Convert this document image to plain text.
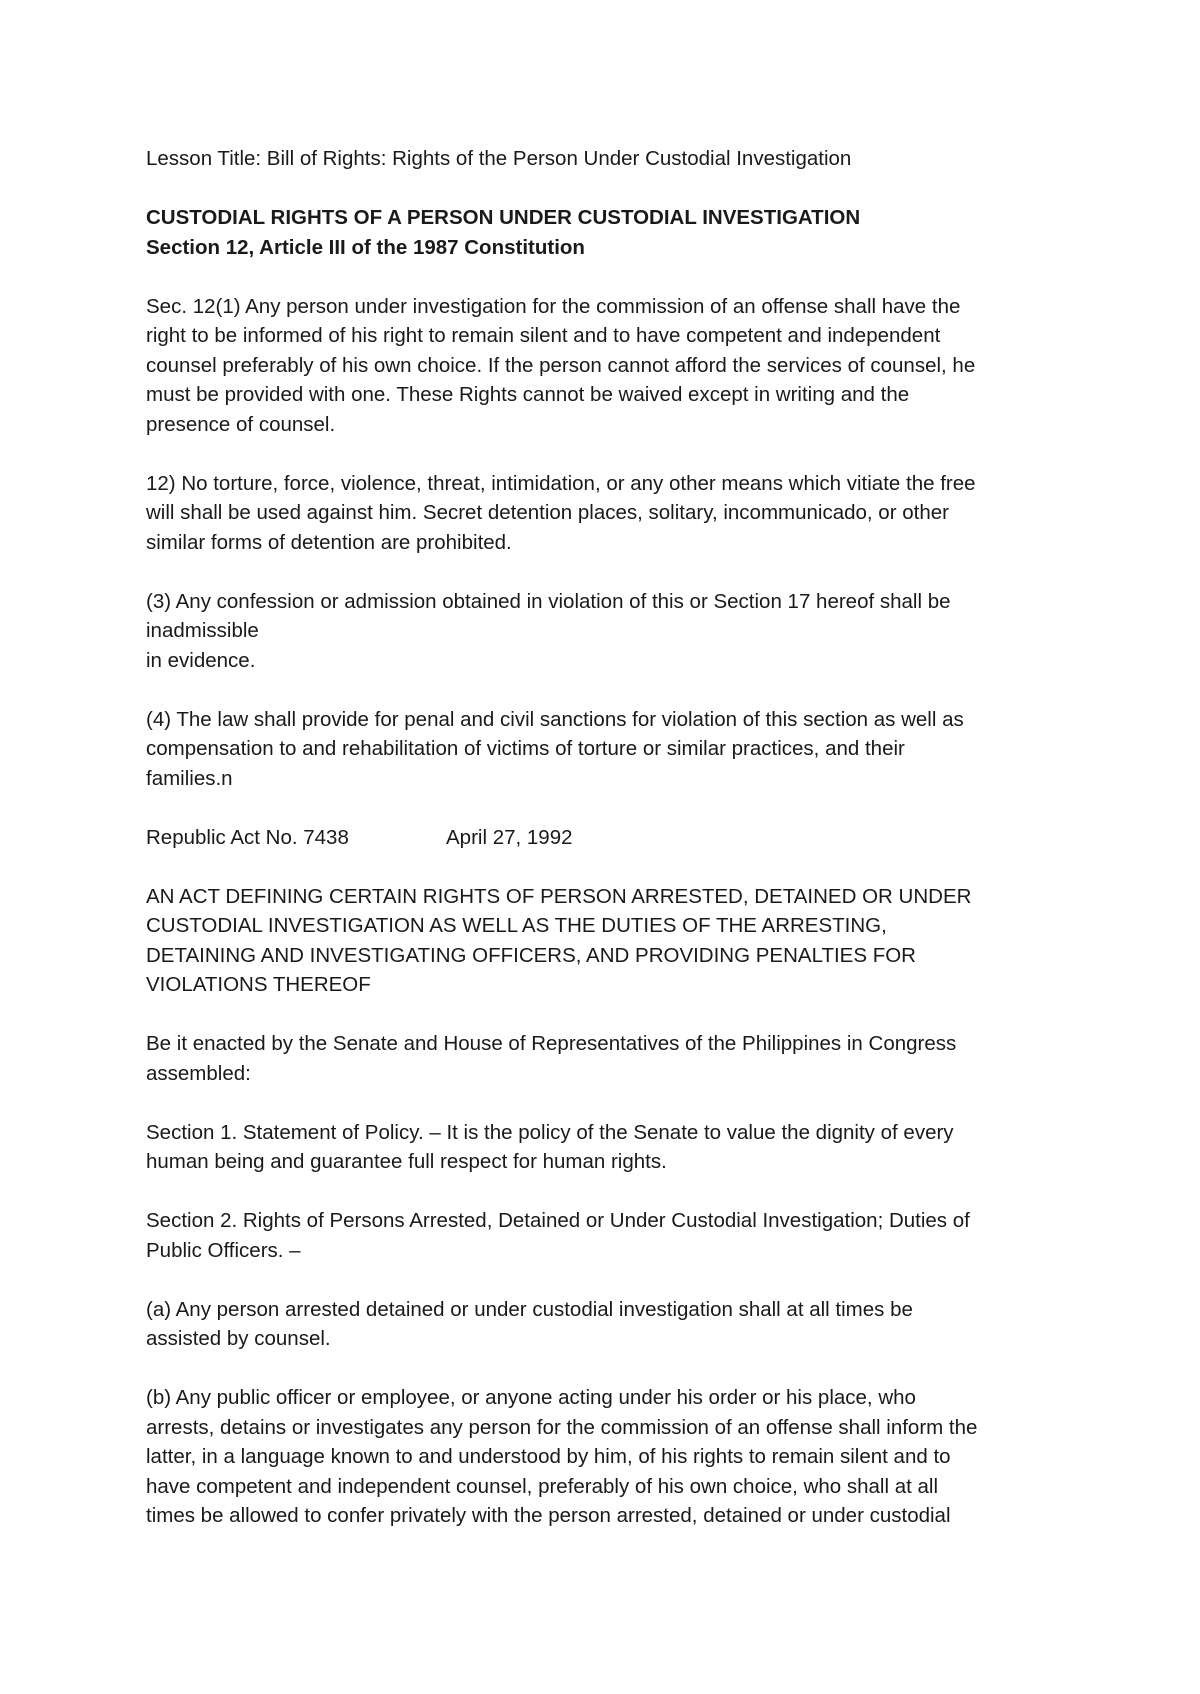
Lesson Title: Bill of Rights: Rights of the Person Under Custodial Investigation

CUSTODIAL RIGHTS OF A PERSON UNDER CUSTODIAL INVESTIGATION
Section 12, Article III of the 1987 Constitution

Sec. 12(1) Any person under investigation for the commission of an offense shall have the
right to be informed of his right to remain silent and to have competent and independent
counsel preferably of his own choice. If the person cannot afford the services of counsel, he
must be provided with one. These Rights cannot be waived except in writing and the
presence of counsel.

12) No torture, force, violence, threat, intimidation, or any other means which vitiate the free
will shall be used against him. Secret detention places, solitary, incommunicado, or other
similar forms of detention are prohibited.

(3) Any confession or admission obtained in violation of this or Section 17 hereof shall be
inadmissible
in evidence.

(4) The law shall provide for penal and civil sanctions for violation of this section as well as
compensation to and rehabilitation of victims of torture or similar practices, and their
families.n

Republic Act No. 7438	April 27, 1992

AN ACT DEFINING CERTAIN RIGHTS OF PERSON ARRESTED, DETAINED OR UNDER
CUSTODIAL INVESTIGATION AS WELL AS THE DUTIES OF THE ARRESTING,
DETAINING AND INVESTIGATING OFFICERS, AND PROVIDING PENALTIES FOR
VIOLATIONS THEREOF

Be it enacted by the Senate and House of Representatives of the Philippines in Congress
assembled:

Section 1. Statement of Policy. – It is the policy of the Senate to value the dignity of every
human being and guarantee full respect for human rights.

Section 2. Rights of Persons Arrested, Detained or Under Custodial Investigation; Duties of
Public Officers. –

(a) Any person arrested detained or under custodial investigation shall at all times be
assisted by counsel.

(b) Any public officer or employee, or anyone acting under his order or his place, who
arrests, detains or investigates any person for the commission of an offense shall inform the
latter, in a language known to and understood by him, of his rights to remain silent and to
have competent and independent counsel, preferably of his own choice, who shall at all
times be allowed to confer privately with the person arrested, detained or under custodial
